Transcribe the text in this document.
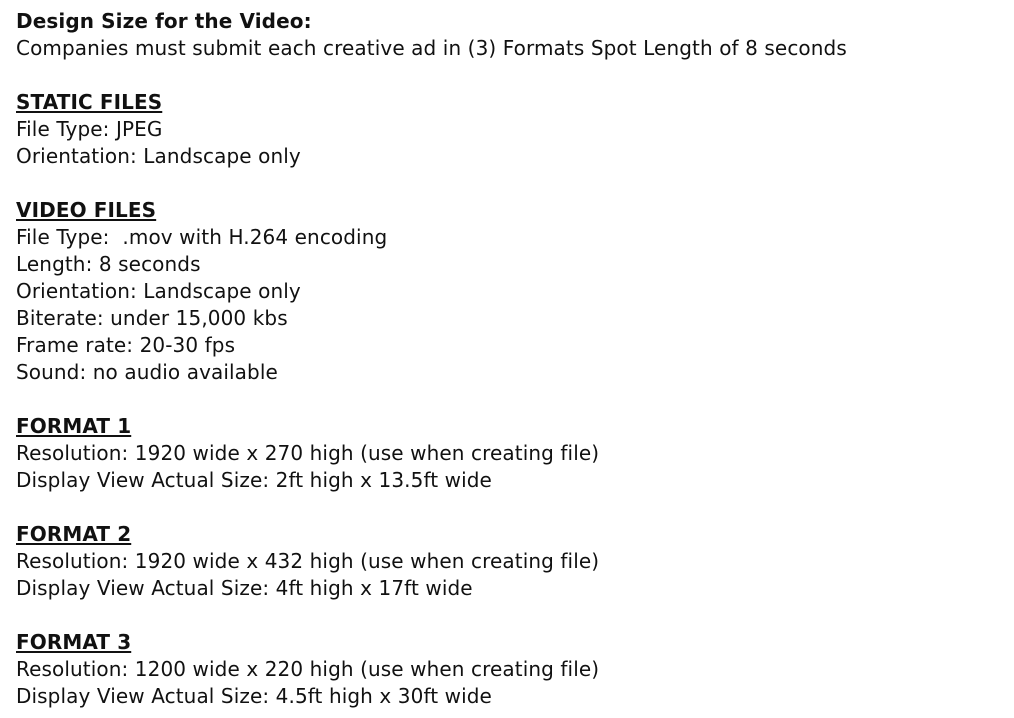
Design Size for the Video:
Companies must submit each creative ad in (3) Formats Spot Length of 8 seconds
STATIC FILES
File Type: JPEG
Orientation: Landscape only
VIDEO FILES
File Type:  .mov with H.264 encoding
Length: 8 seconds
Orientation: Landscape only
Biterate: under 15,000 kbs
Frame rate: 20-30 fps
Sound: no audio available
FORMAT 1
Resolution: 1920 wide x 270 high (use when creating file)
Display View Actual Size: 2ft high x 13.5ft wide
FORMAT 2
Resolution: 1920 wide x 432 high (use when creating file)
Display View Actual Size: 4ft high x 17ft wide
FORMAT 3
Resolution: 1200 wide x 220 high (use when creating file)
Display View Actual Size: 4.5ft high x 30ft wide
